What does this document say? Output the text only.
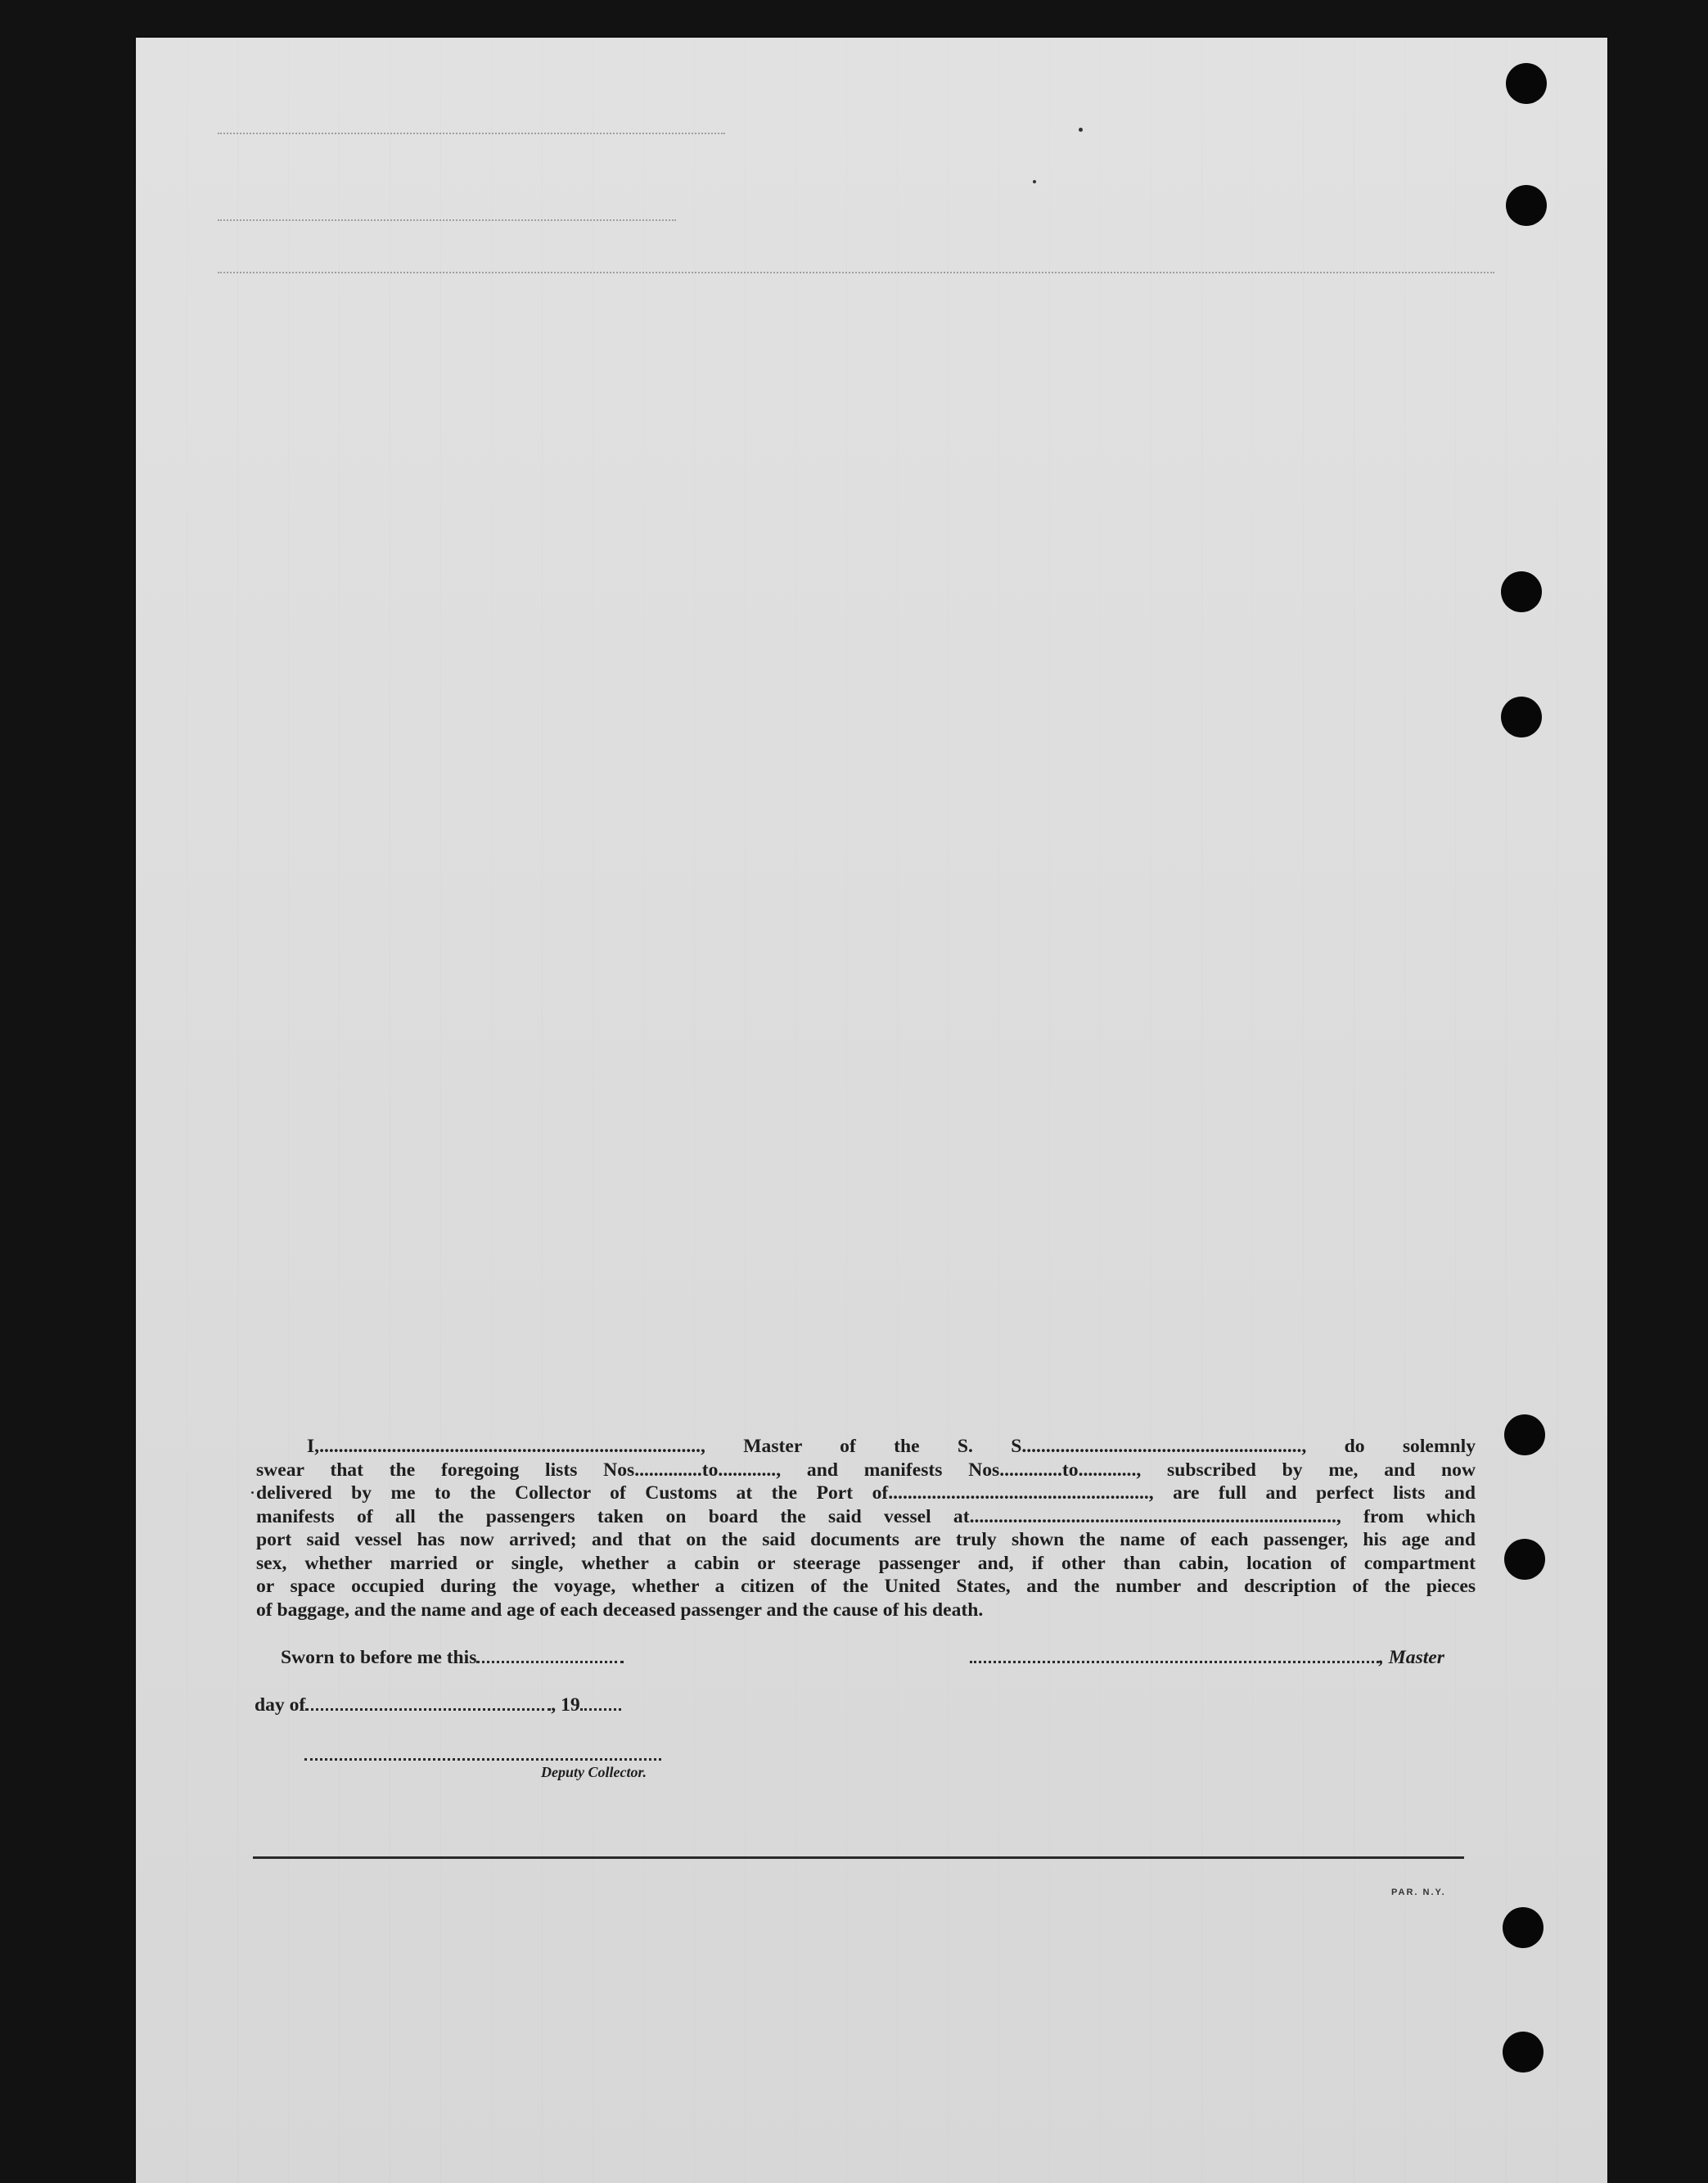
I,..............................................................................., Master of the S. S.........................................................., do solemnly
swear that the foregoing lists Nos..............to............, and manifests Nos.............to............, subscribed by me, and now
delivered by me to the Collector of Customs at the Port of......................................................, are full and perfect lists and
manifests of all the passengers taken on board the said vessel at............................................................................, from which
port said vessel has now arrived; and that on the said documents are truly shown the name of each passenger, his age and
sex, whether married or single, whether a cabin or steerage passenger and, if other than cabin, location of compartment
or space occupied during the voyage, whether a citizen of the United States, and the number and description of the pieces
of baggage, and the name and age of each deceased passenger and the cause of his death.
Sworn to before me this	, Master
day of	, 19
Deputy Collector.
PAR. N.Y.
